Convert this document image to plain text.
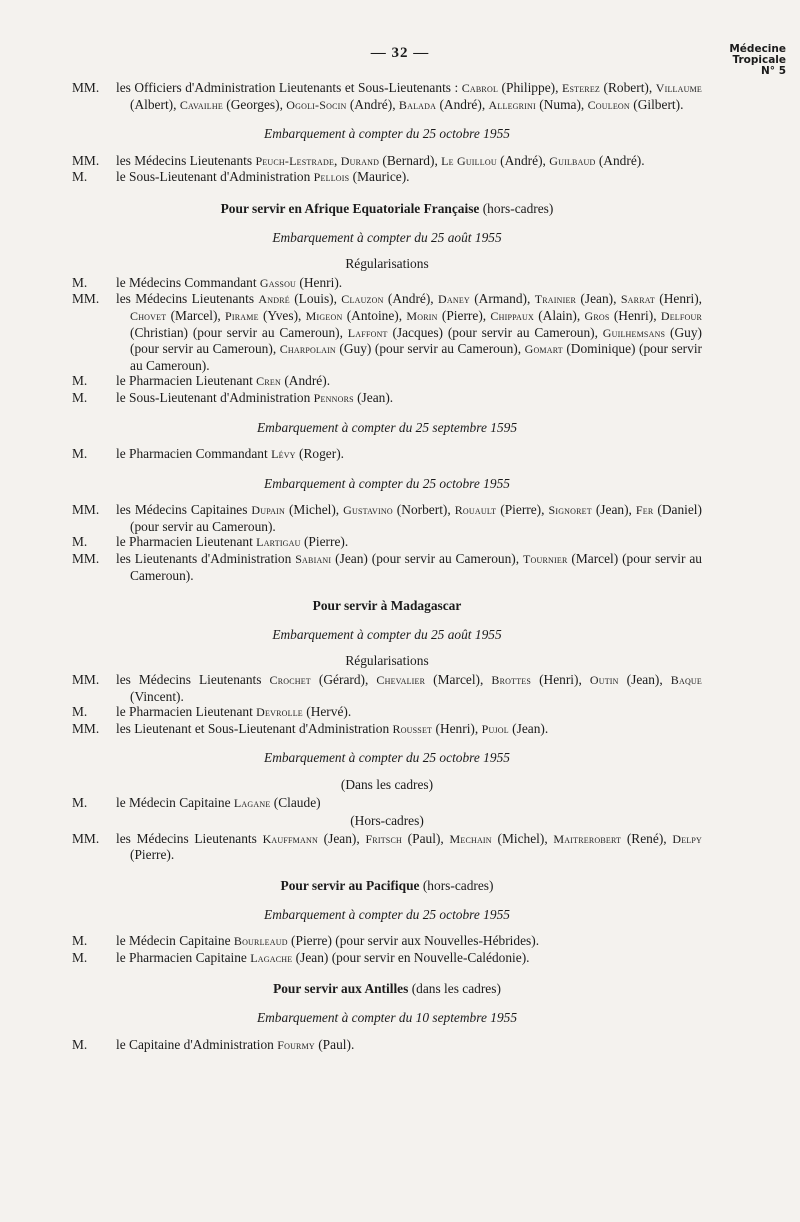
— 32 —	Médecine
Tropicale
N° 5

MM. les Officiers d'Administration Lieutenants et Sous-Lieutenants : Cabrol (Philippe), Esterez (Robert), Villaume (Albert), Cavailhe (Georges), Ogoli-Socin (André), Balada (André), Allegrini (Numa), Couleon (Gilbert).

Embarquement à compter du 25 octobre 1955

MM. les Médecins Lieutenants Peuch-Lestrade, Durand (Bernard), Le Guillou (André), Guilbaud (André).

M. le Sous-Lieutenant d'Administration Pellois (Maurice).

Pour servir en Afrique Equatoriale Française (hors-cadres)
Embarquement à compter du 25 août 1955
Régularisations

M. le Médecins Commandant Gassou (Henri).

MM. les Médecins Lieutenants André (Louis), Clauzon (André), Daney (Armand), Trainier (Jean), Sarrat (Henri), Chovet (Marcel), Pirame (Yves), Migeon (Antoine), Morin (Pierre), Chippaux (Alain), Gros (Henri), Delfour (Christian) (pour servir au Cameroun), Laffont (Jacques) (pour servir au Cameroun), Guilhemsans (Guy) (pour servir au Cameroun), Charpolain (Guy) (pour servir au Cameroun), Gomart (Dominique) (pour servir au Cameroun).

M. le Pharmacien Lieutenant Cren (André).

M. le Sous-Lieutenant d'Administration Pennors (Jean).

Embarquement à compter du 25 septembre 1595

M. le Pharmacien Commandant Lévy (Roger).

Embarquement à compter du 25 octobre 1955

MM. les Médecins Capitaines Dupain (Michel), Gustavino (Norbert), Rouault (Pierre), Signoret (Jean), Fer (Daniel) (pour servir au Cameroun).

M. le Pharmacien Lieutenant Lartigau (Pierre).

MM. les Lieutenants d'Administration Sabiani (Jean) (pour servir au Cameroun), Tournier (Marcel) (pour servir au Cameroun).

Pour servir à Madagascar
Embarquement à compter du 25 août 1955
Régularisations

MM. les Médecins Lieutenants Crochet (Gérard), Chevalier (Marcel), Brottes (Henri), Outin (Jean), Baque (Vincent).

M. le Pharmacien Lieutenant Devrolle (Hervé).

MM. les Lieutenant et Sous-Lieutenant d'Administration Rousset (Henri), Pujol (Jean).

Embarquement à compter du 25 octobre 1955
(Dans les cadres)

M. le Médecin Capitaine Lagane (Claude)

(Hors-cadres)

MM. les Médecins Lieutenants Kauffmann (Jean), Fritsch (Paul), Mechain (Michel), Maitrerobert (René), Delpy (Pierre).

Pour servir au Pacifique (hors-cadres)
Embarquement à compter du 25 octobre 1955

M. le Médecin Capitaine Bourleaud (Pierre) (pour servir aux Nouvelles-Hébrides).

M. le Pharmacien Capitaine Lagache (Jean) (pour servir en Nouvelle-Calédonie).

Pour servir aux Antilles (dans les cadres)
Embarquement à compter du 10 septembre 1955

M. le Capitaine d'Administration Fourmy (Paul).
